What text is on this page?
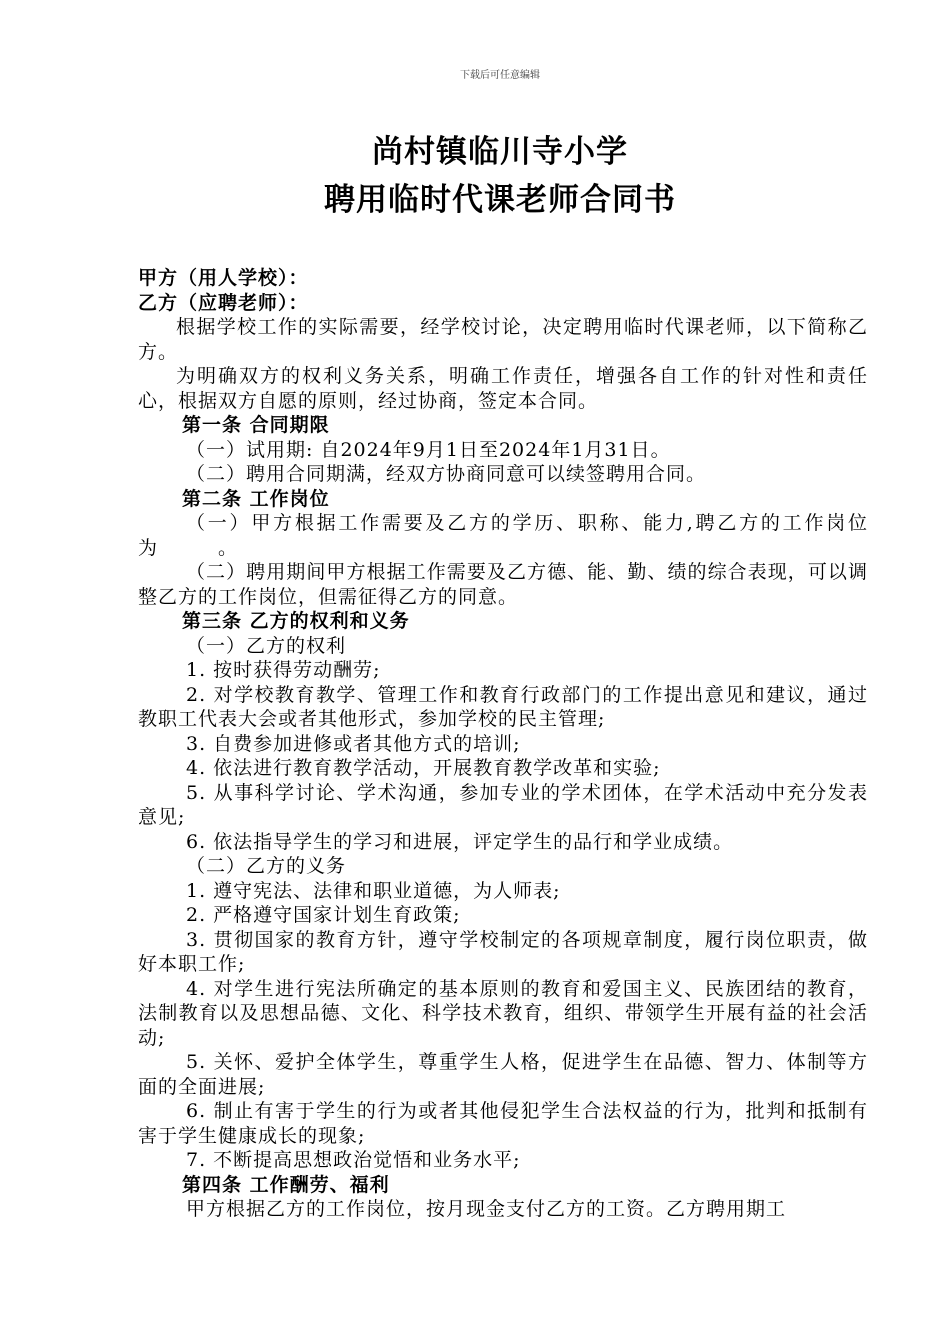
下载后可任意编辑
尚村镇临川寺小学
聘用临时代课老师合同书

甲方（用人学校）：

乙方（应聘老师）：

根据学校工作的实际需要，经学校讨论，决定聘用临时代课老师，以下简称乙方。

为明确双方的权利义务关系，明确工作责任，增强各自工作的针对性和责任心，根据双方自愿的原则，经过协商，签定本合同。

第一条 合同期限

（一）试用期: 自2024年9月1日至2024年1月31日。

（二）聘用合同期满，经双方协商同意可以续签聘用合同。

第二条 工作岗位

（一）甲方根据工作需要及乙方的学历、职称、能力,聘乙方的工作岗位为　　　。

（二）聘用期间甲方根据工作需要及乙方德、能、勤、绩的综合表现，可以调整乙方的工作岗位，但需征得乙方的同意。

第三条 乙方的权利和义务

（一）乙方的权利

1. 按时获得劳动酬劳;

2. 对学校教育教学、管理工作和教育行政部门的工作提出意见和建议，通过教职工代表大会或者其他形式，参加学校的民主管理;

3. 自费参加进修或者其他方式的培训;

4. 依法进行教育教学活动，开展教育教学改革和实验;

5. 从事科学讨论、学术沟通，参加专业的学术团体，在学术活动中充分发表意见;

6. 依法指导学生的学习和进展，评定学生的品行和学业成绩。

（二）乙方的义务

1. 遵守宪法、法律和职业道德，为人师表;

2. 严格遵守国家计划生育政策;

3. 贯彻国家的教育方针，遵守学校制定的各项规章制度，履行岗位职责，做好本职工作;

4. 对学生进行宪法所确定的基本原则的教育和爱国主义、民族团结的教育，法制教育以及思想品德、文化、科学技术教育，组织、带领学生开展有益的社会活动;

5. 关怀、爱护全体学生，尊重学生人格，促进学生在品德、智力、体制等方面的全面进展;

6. 制止有害于学生的行为或者其他侵犯学生合法权益的行为，批判和抵制有害于学生健康成长的现象;

7. 不断提高思想政治觉悟和业务水平;

第四条 工作酬劳、福利

甲方根据乙方的工作岗位，按月现金支付乙方的工资。乙方聘用期工
